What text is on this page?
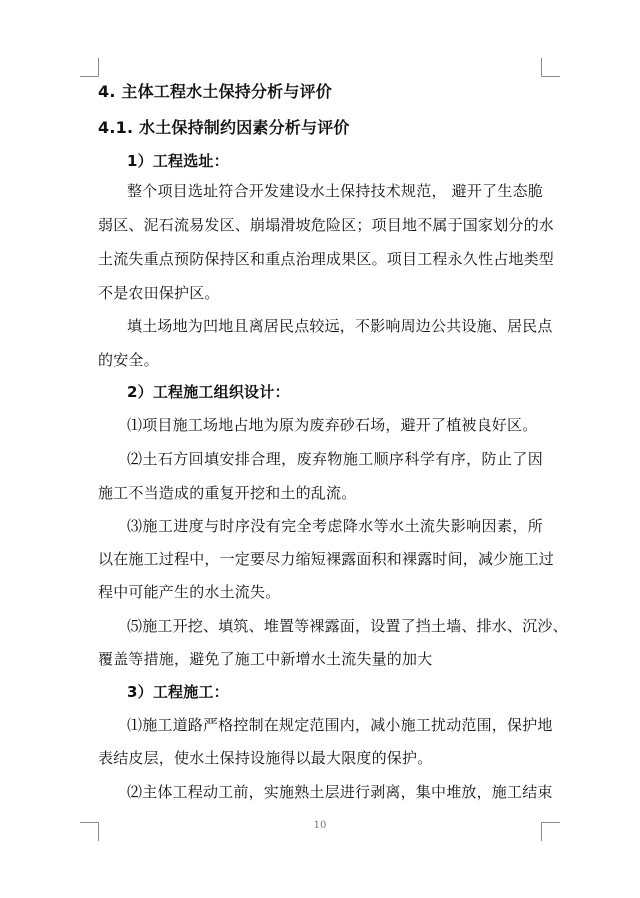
4. 主体工程水土保持分析与评价
4.1. 水土保持制约因素分析与评价
1）工程选址：
整个项目选址符合开发建设水土保持技术规范， 避开了生态脆
弱区、泥石流易发区、崩塌滑坡危险区；项目地不属于国家划分的水
土流失重点预防保持区和重点治理成果区。项目工程永久性占地类型
不是农田保护区。
填土场地为凹地且离居民点较远，不影响周边公共设施、居民点
的安全。
2）工程施工组织设计：
⑴项目施工场地占地为原为废弃砂石场，避开了植被良好区。
⑵土石方回填安排合理，废弃物施工顺序科学有序，防止了因
施工不当造成的重复开挖和土的乱流。
⑶施工进度与时序没有完全考虑降水等水土流失影响因素，所
以在施工过程中，一定要尽力缩短裸露面积和裸露时间，减少施工过
程中可能产生的水土流失。
⑸施工开挖、填筑、堆置等裸露面，设置了挡土墙、排水、沉沙、
覆盖等措施，避免了施工中新增水土流失量的加大
3）工程施工：
⑴施工道路严格控制在规定范围内，减小施工扰动范围，保护地
表结皮层，使水土保持设施得以最大限度的保护。
⑵主体工程动工前，实施熟土层进行剥离，集中堆放，施工结束
10
